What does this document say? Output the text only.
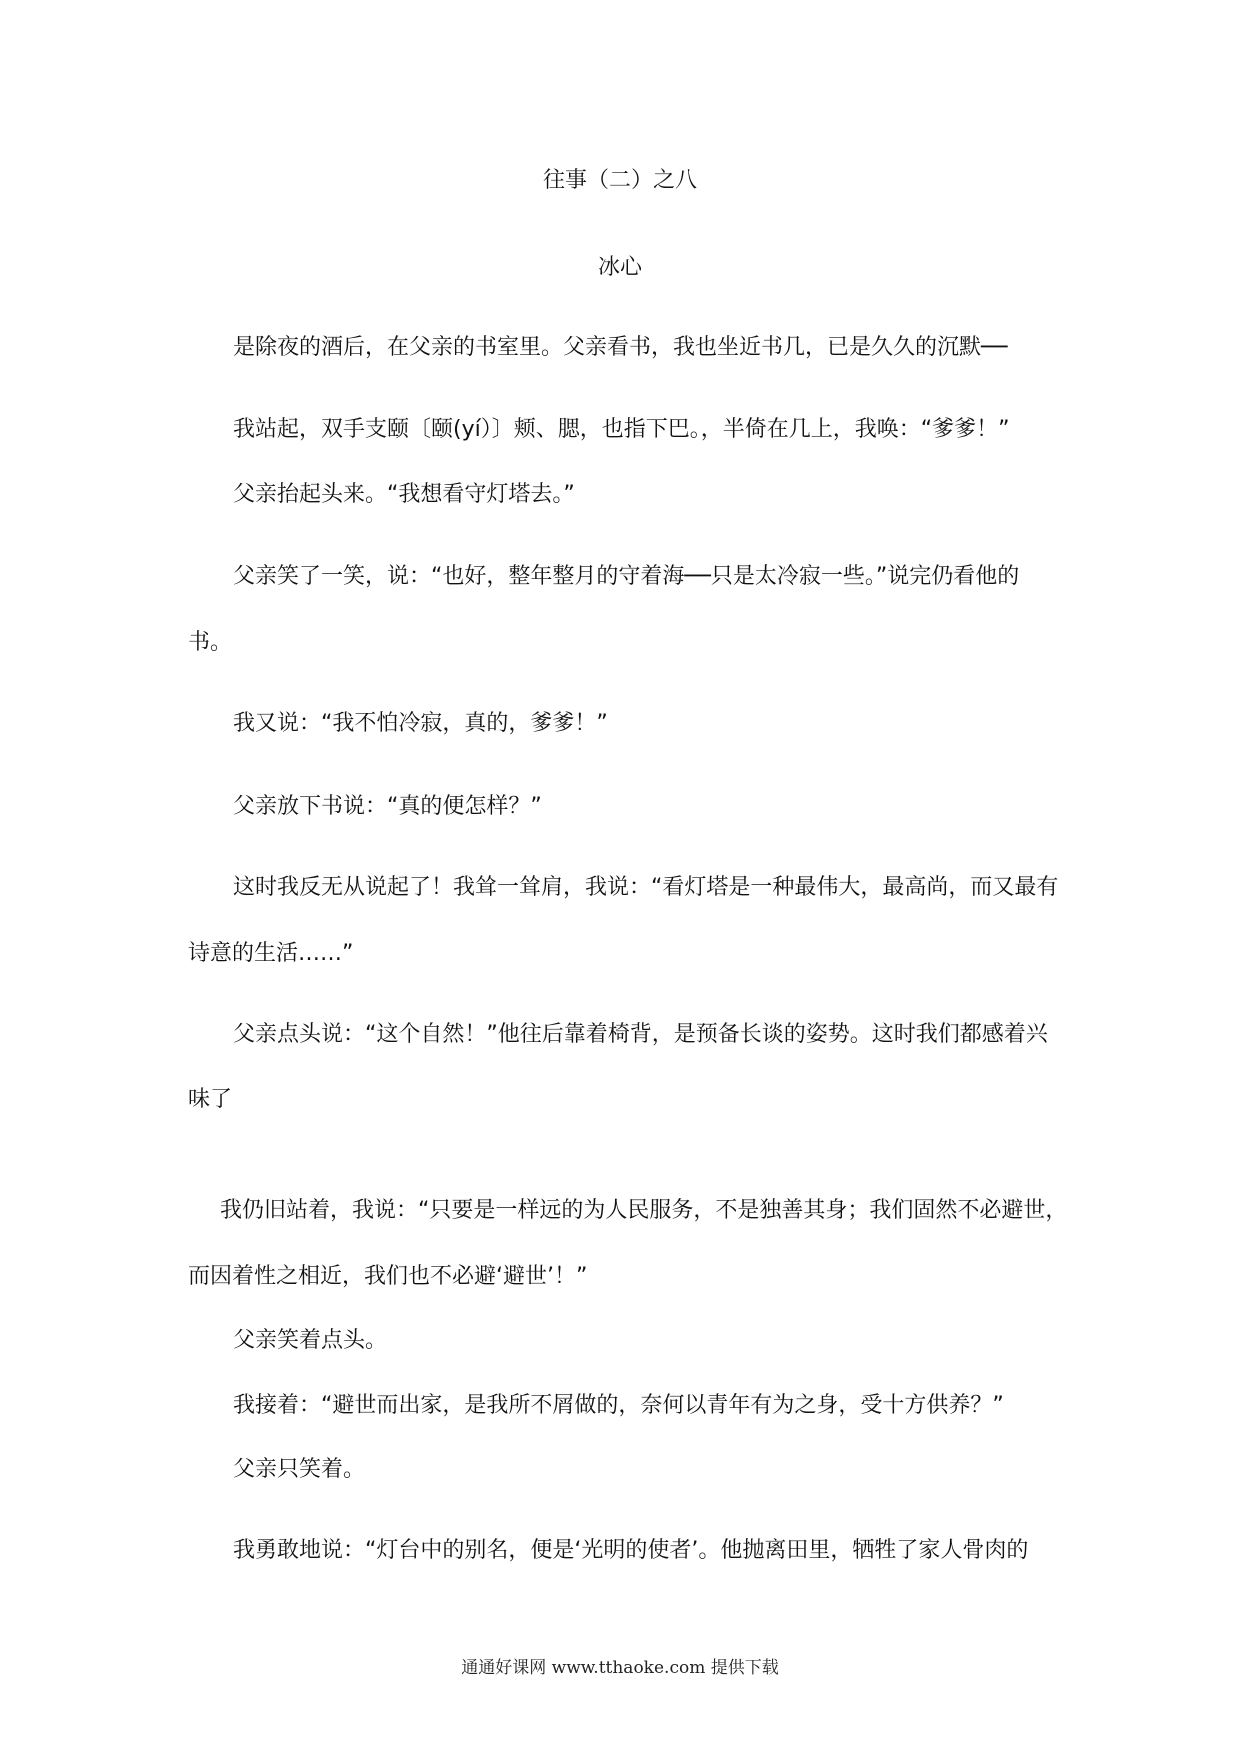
往事（二）之八
冰心
是除夜的酒后，在父亲的书室里。父亲看书，我也坐近书几，已是久久的沉默──
我站起，双手支颐〔颐(yí）〕颊、腮，也指下巴。，半倚在几上，我唤：“爹爹！”
父亲抬起头来。“我想看守灯塔去。”
父亲笑了一笑，说：“也好，整年整月的守着海──只是太冷寂一些。”说完仍看他的
书。
我又说：“我不怕冷寂，真的，爹爹！”
父亲放下书说：“真的便怎样？”
这时我反无从说起了！我耸一耸肩，我说：“看灯塔是一种最伟大，最高尚，而又最有
诗意的生活……”
父亲点头说：“这个自然！”他往后靠着椅背，是预备长谈的姿势。这时我们都感着兴
味了
我仍旧站着，我说：“只要是一样远的为人民服务，不是独善其身；我们固然不必避世，
而因着性之相近，我们也不必避‘避世’！”
父亲笑着点头。
我接着：“避世而出家，是我所不屑做的，奈何以青年有为之身，受十方供养？”
父亲只笑着。
我勇敢地说：“灯台中的别名，便是‘光明的使者’。他抛离田里，牺牲了家人骨肉的
通通好课网 www.tthaoke.com 提供下载
